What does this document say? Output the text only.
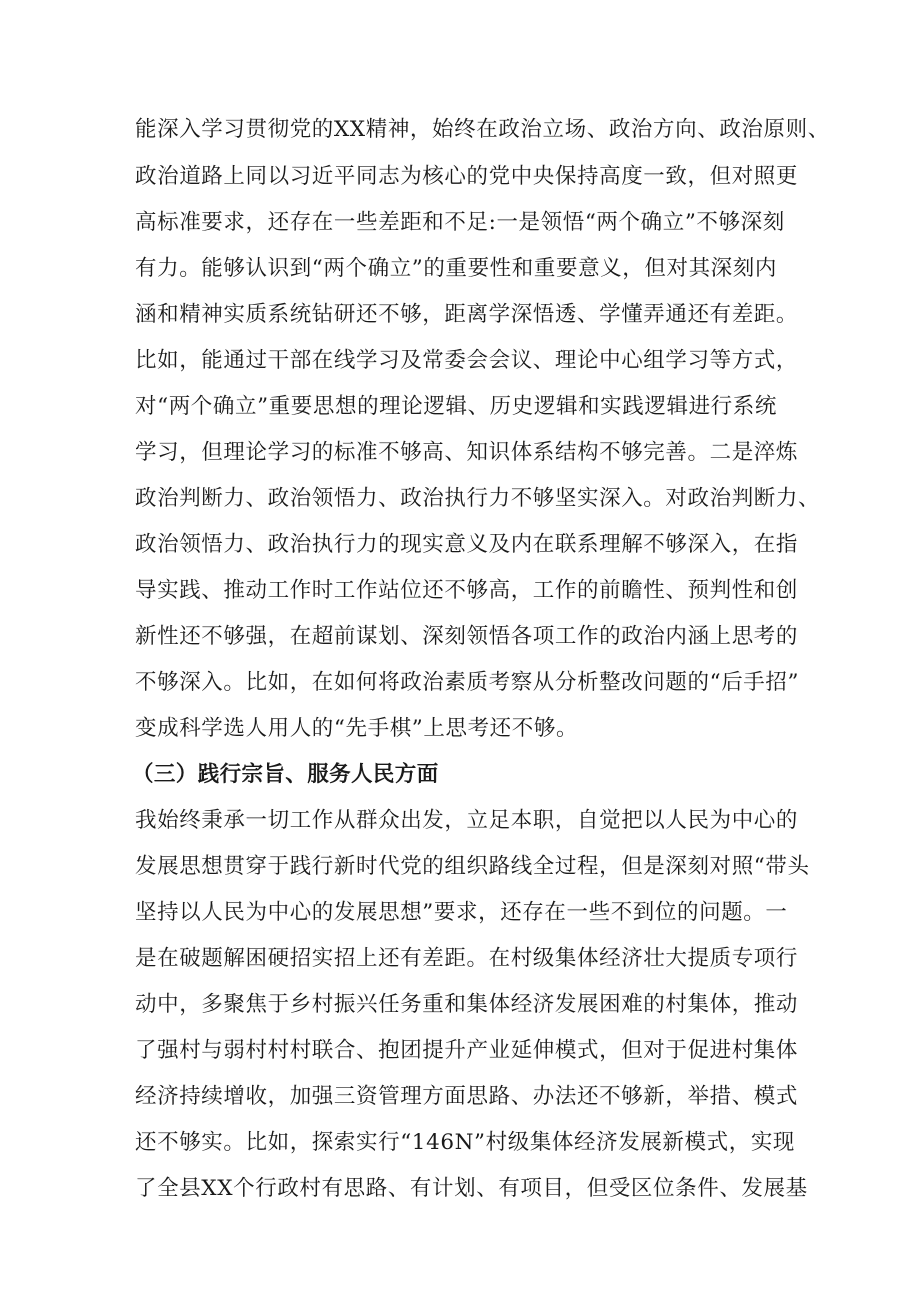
能深入学习贯彻党的XX精神，始终在政治立场、政治方向、政治原则、
政治道路上同以习近平同志为核心的党中央保持高度一致，但对照更
高标准要求，还存在一些差距和不足:一是领悟“两个确立”不够深刻
有力。能够认识到“两个确立”的重要性和重要意义，但对其深刻内
涵和精神实质系统钻研还不够，距离学深悟透、学懂弄通还有差距。
比如，能通过干部在线学习及常委会会议、理论中心组学习等方式，
对“两个确立”重要思想的理论逻辑、历史逻辑和实践逻辑进行系统
学习，但理论学习的标准不够高、知识体系结构不够完善。二是淬炼
政治判断力、政治领悟力、政治执行力不够坚实深入。对政治判断力、
政治领悟力、政治执行力的现实意义及内在联系理解不够深入，在指
导实践、推动工作时工作站位还不够高，工作的前瞻性、预判性和创
新性还不够强，在超前谋划、深刻领悟各项工作的政治内涵上思考的
不够深入。比如，在如何将政治素质考察从分析整改问题的“后手招”
变成科学选人用人的“先手棋”上思考还不够。
（三）践行宗旨、服务人民方面
我始终秉承一切工作从群众出发，立足本职，自觉把以人民为中心的
发展思想贯穿于践行新时代党的组织路线全过程，但是深刻对照“带头
坚持以人民为中心的发展思想”要求，还存在一些不到位的问题。一
是在破题解困硬招实招上还有差距。在村级集体经济壮大提质专项行
动中，多聚焦于乡村振兴任务重和集体经济发展困难的村集体，推动
了强村与弱村村村联合、抱团提升产业延伸模式，但对于促进村集体
经济持续增收，加强三资管理方面思路、办法还不够新，举措、模式
还不够实。比如，探索实行“146N”村级集体经济发展新模式，实现
了全县XX个行政村有思路、有计划、有项目，但受区位条件、发展基
